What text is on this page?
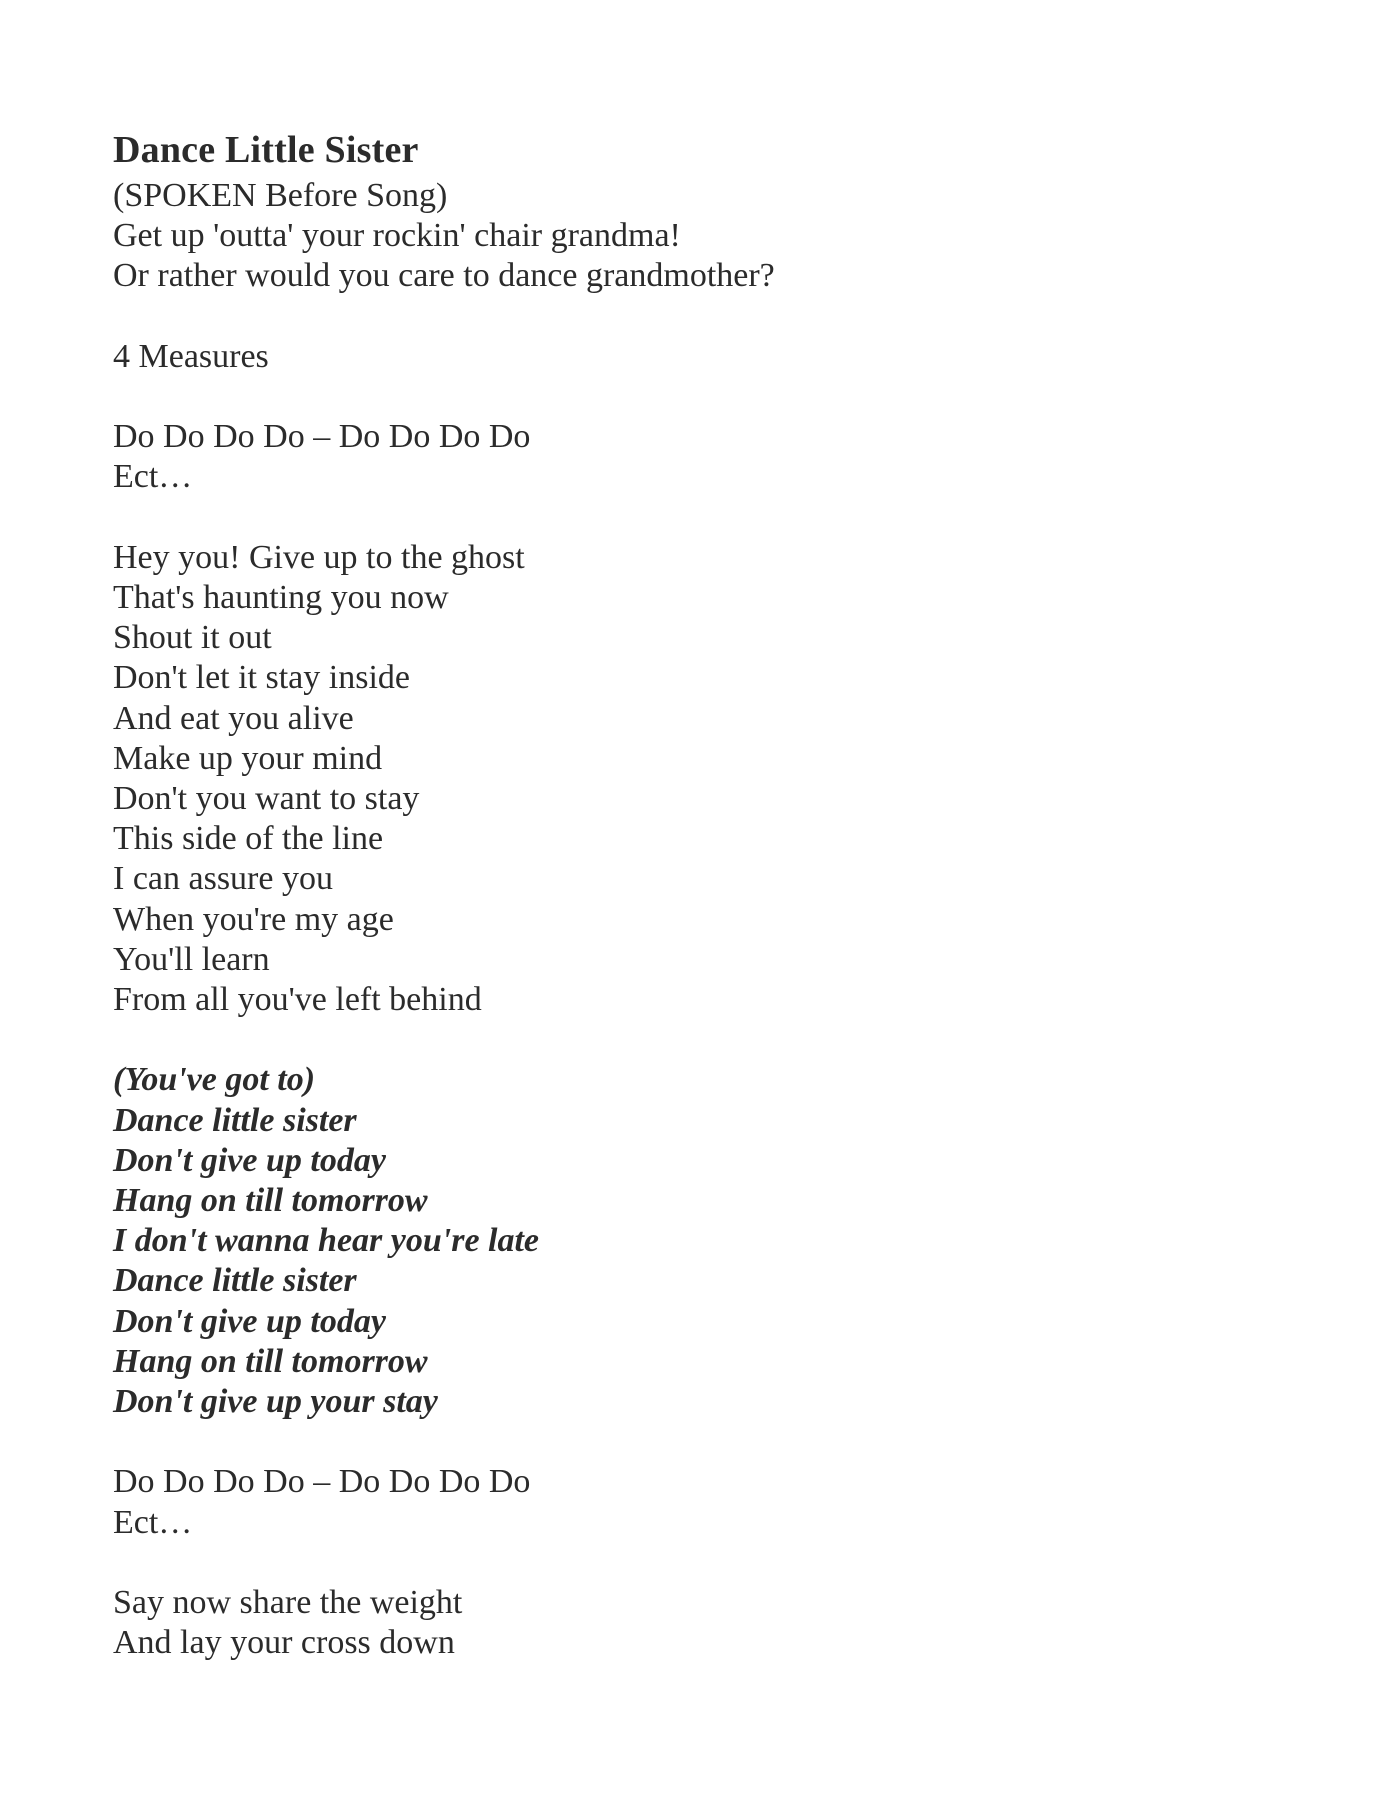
Dance Little Sister
(SPOKEN Before Song)
Get up 'outta' your rockin' chair grandma!
Or rather would you care to dance grandmother?
4 Measures
Do Do Do Do – Do Do Do Do
Ect…
Hey you! Give up to the ghost
That's haunting you now
Shout it out
Don't let it stay inside
And eat you alive
Make up your mind
Don't you want to stay
This side of the line
I can assure you
When you're my age
You'll learn
From all you've left behind
(You've got to)
Dance little sister
Don't give up today
Hang on till tomorrow
I don't wanna hear you're late
Dance little sister
Don't give up today
Hang on till tomorrow
Don't give up your stay
Do Do Do Do – Do Do Do Do
Ect…
Say now share the weight
And lay your cross down
